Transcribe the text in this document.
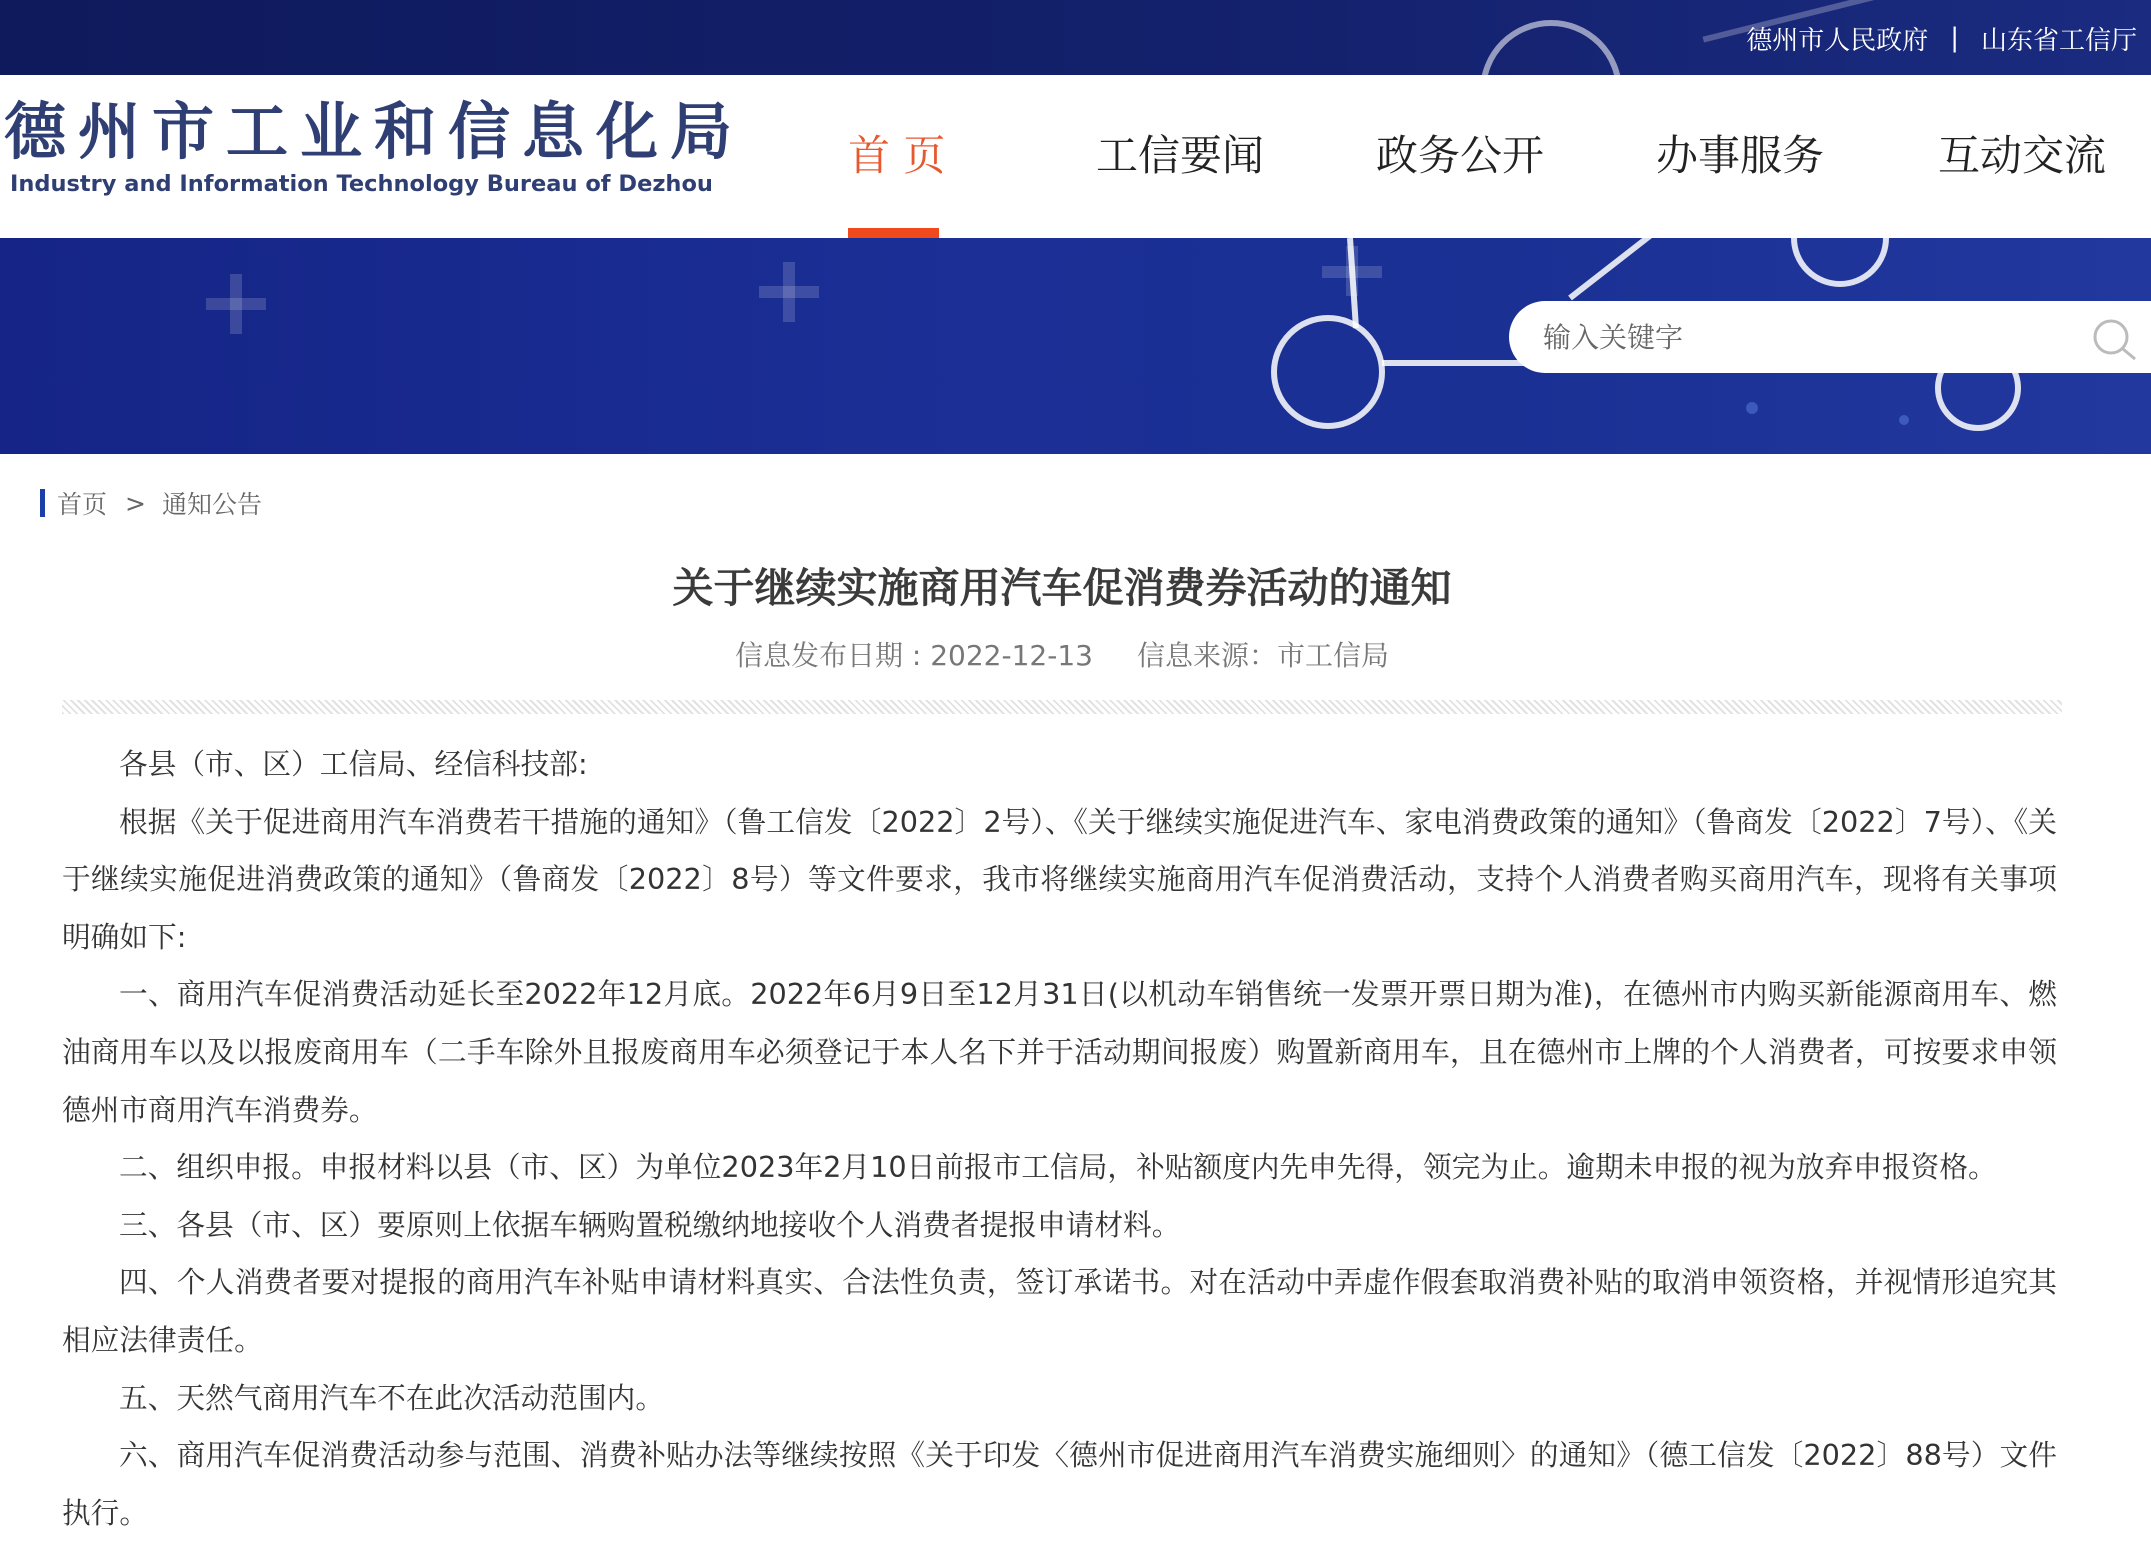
德州市人民政府 | 山东省工信厅
德州市工业和信息化局
Industry and Information Technology Bureau of Dezhou
首 页	工信要闻	政务公开	办事服务	互动交流
输入关键字
首页 > 通知公告
关于继续实施商用汽车促消费券活动的通知
信息发布日期 : 2022-12-13 信息来源：市工信局

各县（市、区）工信局、经信科技部:

根据《关于促进商用汽车消费若干措施的通知》（鲁工信发〔2022〕2号）、《关于继续实施促进汽车、家电消费政策的通知》（鲁商发〔2022〕7号）、《关于继续实施促进消费政策的通知》（鲁商发〔2022〕8号）等文件要求，我市将继续实施商用汽车促消费活动，支持个人消费者购买商用汽车，现将有关事项明确如下:

一、商用汽车促消费活动延长至2022年12月底。2022年6月9日至12月31日(以机动车销售统一发票开票日期为准)，在德州市内购买新能源商用车、燃油商用车以及以报废商用车（二手车除外且报废商用车必须登记于本人名下并于活动期间报废）购置新商用车，且在德州市上牌的个人消费者，可按要求申领德州市商用汽车消费券。

二、组织申报。申报材料以县（市、区）为单位2023年2月10日前报市工信局，补贴额度内先申先得，领完为止。逾期未申报的视为放弃申报资格。

三、各县（市、区）要原则上依据车辆购置税缴纳地接收个人消费者提报申请材料。

四、个人消费者要对提报的商用汽车补贴申请材料真实、合法性负责，签订承诺书。对在活动中弄虚作假套取消费补贴的取消申领资格，并视情形追究其相应法律责任。

五、天然气商用汽车不在此次活动范围内。

六、商用汽车促消费活动参与范围、消费补贴办法等继续按照《关于印发〈德州市促进商用汽车消费实施细则〉的通知》（德工信发〔2022〕88号）文件执行。
